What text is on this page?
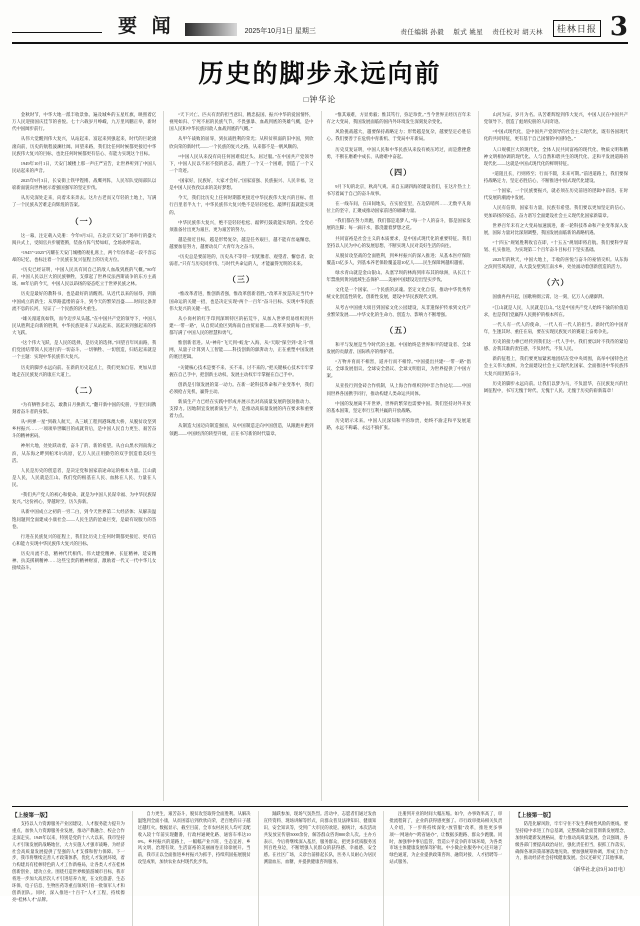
要 闻	2025年10月1日 星期三	责任编辑 孙毅 版式 姚星 责任校对 胡天林	桂林日报 3
历史的脚步永远向前
□钟华论

金秋时节，中华大地一派丰收景象。遍及城乡的五星红旗，映照着亿万人民迎接国庆佳节的喜悦。七十六载岁月峥嵘，九万里风鹏正举，新时代中国阔步前行。

从伟大觉醒到伟大复兴，从站起来、富起来到强起来，时代的巨轮滚滚向前，历史的航程波澜壮阔。回望来路，我们比任何时候都更接近中华民族伟大复兴的目标，也比任何时候都更有信心、有能力实现这个目标。

1949年10月1日，天安门城楼上那一声庄严宣告，让世界听到了中国人民站起来的声音。

2025年9月3日，长安街上铁甲铿锵、战鹰列阵，人民军队受阅部队以崭新面貌向世界展示着强国强军的坚定步伐。

从历史深处走来，向着未来奔去。这片古老而又年轻的土地上，写满了一个民族从苦难走向辉煌的答案。

（一）

这一幕，注定载入史册：今年9月3日，在北京天安门广场举行的盛大阅兵式上，受阅官兵步履铿锵，装备方阵气势如虹，全场欢呼雷动。

“1945”“2025”闪耀在天安门城楼的观礼席上，两个年份串起一段不容忘却的记忆，也标注着一个民族在复兴征程上的历史方位。

“历史已经证明，中国人民具有同自己的敌人血战到底的气概。”80年前，中国人民以巨大的民族牺牲，支撑起了世界反法西斯战争的东方主战场。80年后的今天，中国人民以昂扬的姿态屹立于世界民族之林。

历史是最好的教科书，也是最好的清醒剂。从近代以来的屈辱，到新中国成立的新生；从筚路蓝缕的奋斗，到今天的繁荣昌盛——时间这条奔流不息的长河，见证了一个民族的浴火重生。

“雄关漫道真如铁，而今迈步从头越。”在中国共产党的领导下，中国人民从胜利走向新的胜利，中华民族迎来了从站起来、富起来到强起来的伟大飞跃。

“这个伟大飞跃，是人民的选择，是历史的选择。”回望百年风雨路，我们党团结带领人民进行的一切奋斗、一切牺牲、一切创造，归结起来就是一个主题：实现中华民族伟大复兴。

历史的脚步永远向前。在新的历史起点上，我们更加自信、更加从容地走在民族复兴的康庄大道上。

（二）

“为有牺牲多壮志，敢教日月换新天。”翻开新中国的史册，字里行间镌刻着奋斗者的身影。

从“两弹一星”到载人航天，从三峡工程到港珠澳大桥，从脱贫攻坚到乡村振兴……一项项举世瞩目的成就背后，是中国人民自力更生、艰苦奋斗的精神密码。

神州大地，处处跃动着，奋斗了的、新的希望。从白山黑水到南海之滨，从东海之畔到帕米尔高原，亿万人民正用勤劳的双手创造着美好生活。

人民是历史的创造者，是决定党和国家前途命运的根本力量。江山就是人民，人民就是江山。我们党的根基在人民、血脉在人民、力量在人民。

“我们共产党人的初心和使命，就是为中国人民谋幸福、为中华民族谋复兴。”这份初心，穿越时空，历久弥新。

从新中国成立之初的一穷二白，到今天世界第二大经济体；从解决温饱问题到全面建成小康社会——人民生活的沧桑巨变，是最有说服力的答卷。

行进在民族复兴的征程上，我们比历史上任何时期都更接近、更有信心和能力实现中华民族伟大复兴的目标。

历史川流不息，精神代代相传。伟大建党精神、长征精神、延安精神、抗美援朝精神……这些宝贵的精神财富，激励着一代又一代中华儿女接续奋斗。

“天下兴亡、匹夫有责的担当意识，精忠报国、振兴中华的爱国情怀，视死如归、宁死不屈的民族气节，不畏强暴、血战到底的英雄气概，是中国人民和中华民族同敌人血战到底的气概。”

从甲午战败的屈辱，到抗战胜利的荣光；从积贫积弱的旧中国，到欣欣向荣的新时代——一个民族的复兴之路，从来都不是一帆风顺的。

“中国人民从来没有向任何困难低过头、屈过服。”在中国共产党领导下，中国人民以不屈不挠的意志，战胜了一个又一个困难，创造了一个又一个奇迹。

“国家好，民族好，大家才会好。”国家富强、民族振兴、人民幸福，这是中国人民孜孜以求的美好梦想。

今天，我们比历史上任何时期都更接近中华民族伟大复兴的目标。但行百里者半九十，中华民族伟大复兴绝不是轻轻松松、敲锣打鼓就能实现的。

中华民族伟大复兴，绝不是轻轻松松、敲锣打鼓就能实现的。全党必须准备付出更为艰巨、更为艰苦的努力。

越是接近目标，越是形势复杂，越是任务艰巨，越不能有丝毫懈怠，越要加倍努力，越要动员广大青年为之奋斗。

“历史总是要前进的，历史从不等待一切犹豫者、观望者、懈怠者、软弱者。”只有与历史同步伐、与时代共命运的人，才能赢得光明的未来。

（三）

“惟改革者进，惟创新者强，惟改革创新者胜。”改革开放是决定当代中国命运的关键一招，也是决定实现“两个一百年”奋斗目标、实现中华民族伟大复兴的关键一招。

从小岗村的红手印到深圳特区的拓荒牛，从加入世界贸易组织到共建“一带一路”，从自贸试验区到海南自由贸易港——改革开放的每一步，都写满了中国人民的智慧和勇气。

惟创新者进。从“神舟”飞天到“蛟龙”入海，从“天眼”探空到“北斗”组网，从量子计算到人工智能——科技创新的澎湃动力，正在重塑中国发展的底层逻辑。

“关键核心技术是要不来、买不来、讨不来的。”把关键核心技术牢牢掌握在自己手中，把创新主动权、发展主动权牢牢掌握在自己手中。

创新是引领发展的第一动力。在新一轮科技革命和产业变革中，我们必须抢占先机，赢得主动。

新质生产力已经在实践中形成并展示出对高质量发展的强劲推动力、支撑力。因地制宜发展新质生产力，是推动高质量发展的内在要求和重要着力点。

从制造大国迈向制造强国，从中国制造走向中国创造，从跟跑并跑到领跑——中国经济的转型升级，正在书写新的时代篇章。

“惟其艰难，方显勇毅；惟其笃行，弥足珍贵。”当今世界正经历百年未有之大变局，我国发展面临的国内外环境发生深刻复杂变化。

风险挑战越大，越要保持战略定力；形势越是复杂，越要坚定必胜信心。我们要善于在危机中育新机、于变局中开新局。

历史反复证明，中国人民和中华民族从来没有被压垮过，而是愈挫愈勇，不断在磨难中成长、从磨难中奋起。

（四）

9月下旬的北京，秋高气爽。来自五湖四海的建设者们，在这片热土上书写着属于自己的奋斗故事。

在一线车间，在田间地头，在实验室里，在边防哨所……无数平凡岗位上的坚守，汇聚成推动国家前进的磅礴力量。

“我们都在努力奔跑，我们都是追梦人。”每一个人的奋斗，都是国家发展的注脚；每一滴汗水，都浇灌着梦想之花。

共同富裕是社会主义的本质要求，是中国式现代化的重要特征。我们坚持以人民为中心的发展思想，不断实现人民对美好生活的向往。

从脱贫攻坚战的全面胜利，到乡村振兴的深入推进；从基本医疗保险覆盖13亿多人，到基本养老保险覆盖超10亿人——民生保障网越织越密。

绿水青山就是金山银山。从塞罕坝的林海到库布其的绿洲，从长江十年禁渔到黄河流域生态保护——美丽中国建设迈出坚实步伐。

文化是一个国家、一个民族的灵魂。坚定文化自信，推动中华优秀传统文化创造性转化、创新性发展，建设中华民族现代文明。

从考古中国重大项目到国家文化公园建设，从非遗保护传承到文化产业繁荣发展——中华文化的生命力、创造力、影响力不断增强。

（五）

和平与发展是当今时代的主题。中国始终是世界和平的建设者、全球发展的贡献者、国际秩序的维护者。

“万物并育而不相害，道并行而不相悖。”中国提出共建“一带一路”倡议、全球发展倡议、全球安全倡议、全球文明倡议，为世界提供了中国方案。

从亚投行到金砖合作机制，从上海合作组织到中非合作论坛——中国同世界各国携手同行，推动构建人类命运共同体。

中国的发展离不开世界，世界的繁荣也需要中国。我们坚持对外开放的基本国策，坚定奉行互利共赢的开放战略。

历史昭示未来。中国人民深知和平的珍贵，始终不渝走和平发展道路，永远不称霸、永远不搞扩张。

山河为证，岁月为名。从苦难辉煌到伟大复兴，中国人民在中国共产党领导下，创造了彪炳史册的人间奇迹。

“中国式现代化，是中国共产党领导的社会主义现代化，既有各国现代化的共同特征，更有基于自己国情的中国特色。”

人口规模巨大的现代化、全体人民共同富裕的现代化、物质文明和精神文明相协调的现代化、人与自然和谐共生的现代化、走和平发展道路的现代化——这就是中国式现代化的鲜明特征。

“道阻且长，行则将至；行而不辍，未来可期。”前进道路上，我们要保持战略定力，坚定必胜信心，不断推进中国式现代化建设。

一个国家、一个民族要振兴，就必须在历史前进的逻辑中前进、在时代发展的潮流中发展。

人民有信仰，国家有力量，民族有希望。我们要以更加坚定的信心、更加昂扬的姿态，奋力谱写全面建设社会主义现代化国家新篇章。

世界百年未有之大变局加速演进，新一轮科技革命和产业变革深入发展，国际力量对比深刻调整，我国发展面临新的战略机遇。

“十四五”规划胜利收官在即，“十五五”规划即将启航。我们要科学谋划、扎实推进，为实现第二个百年奋斗目标打下坚实基础。

2025年的秋天，中国大地上，丰收的喜悦与奋斗的豪情交织。从东海之滨到雪域高原，从大漠戈壁到江南水乡，处处涌动着创新创造的活力。

（六）

国旗冉冉升起，国歌响彻云霄。这一刻，亿万人心潮澎湃。

“江山就是人民，人民就是江山。”这是中国共产党人始终不渝的价值追求，也是我们党赢得人民拥护的根本所在。

一代人有一代人的使命，一代人有一代人的担当。新时代的中国青年，生逢其时、重任在肩，要在实现民族复兴的赛道上奋勇争先。

历史的接力棒已经传到我们这一代人手中。我们要以时不我待的紧迫感、舍我其谁的责任感，不负时代、不负人民。

新的征程上，我们要更加紧密地团结在党中央周围，高举中国特色社会主义伟大旗帜，为全面建设社会主义现代化国家、全面推进中华民族伟大复兴而团结奋斗。

历史的脚步永远向前。让我们以梦为马，不负韶华，在民族复兴的壮阔征程中，书写无愧于时代、无愧于人民、无愧于历史的崭新篇章！

【上接第一版】

支持以人力资源服务产业园建设、人才服务能力提升为重点，加快人力资源服务业发展，推动产教融合、校企合作走深走实。1949年以来，特别是党的十八大以来，我市坚持人才引领发展的战略地位，大力实施人才强市战略，为经济社会高质量发展提供了坚强的人才支撑和智力保障。下一步，我市将继续完善人才政策体系，优化人才发展环境，着力构建具有桂林特色的人才工作新格局，让各类人才在桂林创新创业、建功立业。围绕打造世界级旅游城市目标，我市将进一步加大高层次人才引进培养力度，在文化旅游、生态环保、电子信息、生物医药等重点领域引育一批领军人才和创新团队。同时，深入推进“十百千”人才工程，持续擦亮“桂林人才”品牌。

自力更生、艰苦奋斗，脱贫攻坚取得全面胜利。从解决温饱到全面小康，从贫困落后到欣欣向荣，老百姓的日子越过越红火。数据显示，截至目前，全市农村居民人均可支配收入较十年前实现翻番，行政村通硬化路、通客车率达100%。乡村振兴的道路上，一幅幅产业兴旺、生态宜居、乡风文明、治理有效、生活富裕的美丽画卷正徐徐展开。当前，我市正以全面推进乡村振兴为抓手，持续巩固拓展脱贫攻坚成果，加快农业农村现代化步伐。

踊跃参加，现场气氛热烈。活动中，志愿者们通过发放宣传资料、现场讲解等形式，向群众普及法律知识、健康知识、安全知识等，受到广大市民的欢迎。据统计，本次活动共发放宣传册5000余份，解答群众咨询800余人次。主办方表示，今后将继续深入基层、服务群众，把更多优质服务送到百姓身边，不断增强人民群众的获得感、幸福感、安全感。在社区广场，义诊台前排起长队，医务人员耐心为居民测量血压、血糖，并提供健康咨询服务。

注册到开业的时间大幅压缩。如今，办事效率高了，审批流程简了，企业的获得感更强了。市行政审批局相关负责人介绍，下一步将持续深化“放管服”改革，推进更多事项“一网通办”“跨省通办”，让数据多跑路、群众少跑腿。同时，加强事中事后监管，营造公平竞争的市场环境，为各类市场主体健康发展保驾护航。中小微企业服务中心还开通了绿色通道，为企业提供政策咨询、融资对接、人才招聘等一站式服务。

【上接第一版】

防范化解风险，牢牢守住不发生系统性风险的底线。要坚持稳中求进工作总基调，完整准确全面贯彻新发展理念，加快构建新发展格局，着力推动高质量发展。会议强调，各级各部门要提高政治站位，强化责任担当，狠抓工作落实，确保各项决策部署落地见效。要加强统筹协调，形成工作合力，推动经济社会持续健康发展。会议还研究了其他事项。

（新华社北京9月30日电）
